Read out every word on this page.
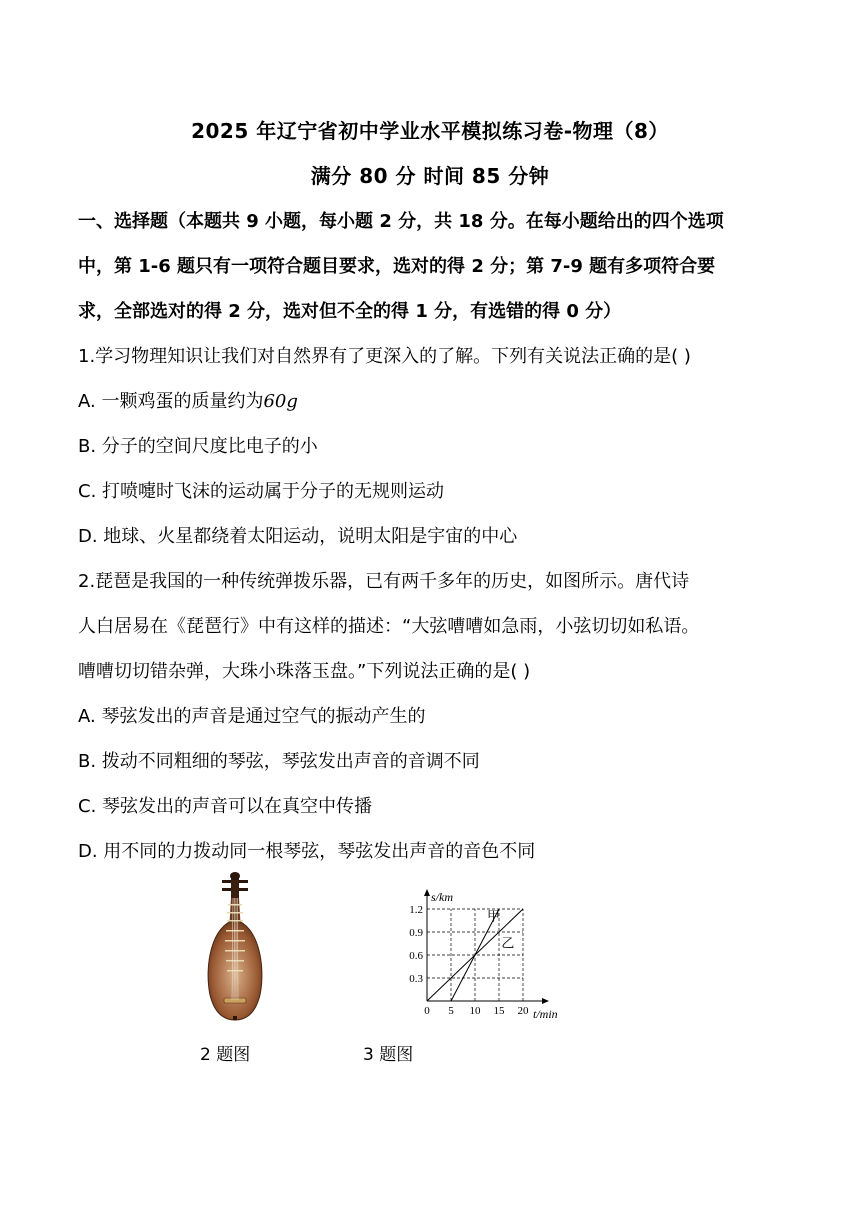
2025 年辽宁省初中学业水平模拟练习卷-物理（8）
满分 80 分 时间 85 分钟
一、选择题（本题共 9 小题，每小题 2 分，共 18 分。在每小题给出的四个选项
中，第 1-6 题只有一项符合题目要求，选对的得 2 分；第 7-9 题有多项符合要
求，全部选对的得 2 分，选对但不全的得 1 分，有选错的得 0 分）
1.学习物理知识让我们对自然界有了更深入的了解。下列有关说法正确的是( )
A. 一颗鸡蛋的质量约为60g
B. 分子的空间尺度比电子的小
C. 打喷嚏时飞沫的运动属于分子的无规则运动
D. 地球、火星都绕着太阳运动，说明太阳是宇宙的中心
2.琵琶是我国的一种传统弹拨乐器，已有两千多年的历史，如图所示。唐代诗
人白居易在《琵琶行》中有这样的描述：“大弦嘈嘈如急雨，小弦切切如私语。
嘈嘈切切错杂弹，大珠小珠落玉盘。”下列说法正确的是( )
A. 琴弦发出的声音是通过空气的振动产生的
B. 拨动不同粗细的琴弦，琴弦发出声音的音调不同
C. 琴弦发出的声音可以在真空中传播
D. 用不同的力拨动同一根琴弦，琴弦发出声音的音色不同
0 5 10 15 20
0.3
0.6
0.9
1.2
s/km
t/min
甲
乙
2 题图	3 题图
